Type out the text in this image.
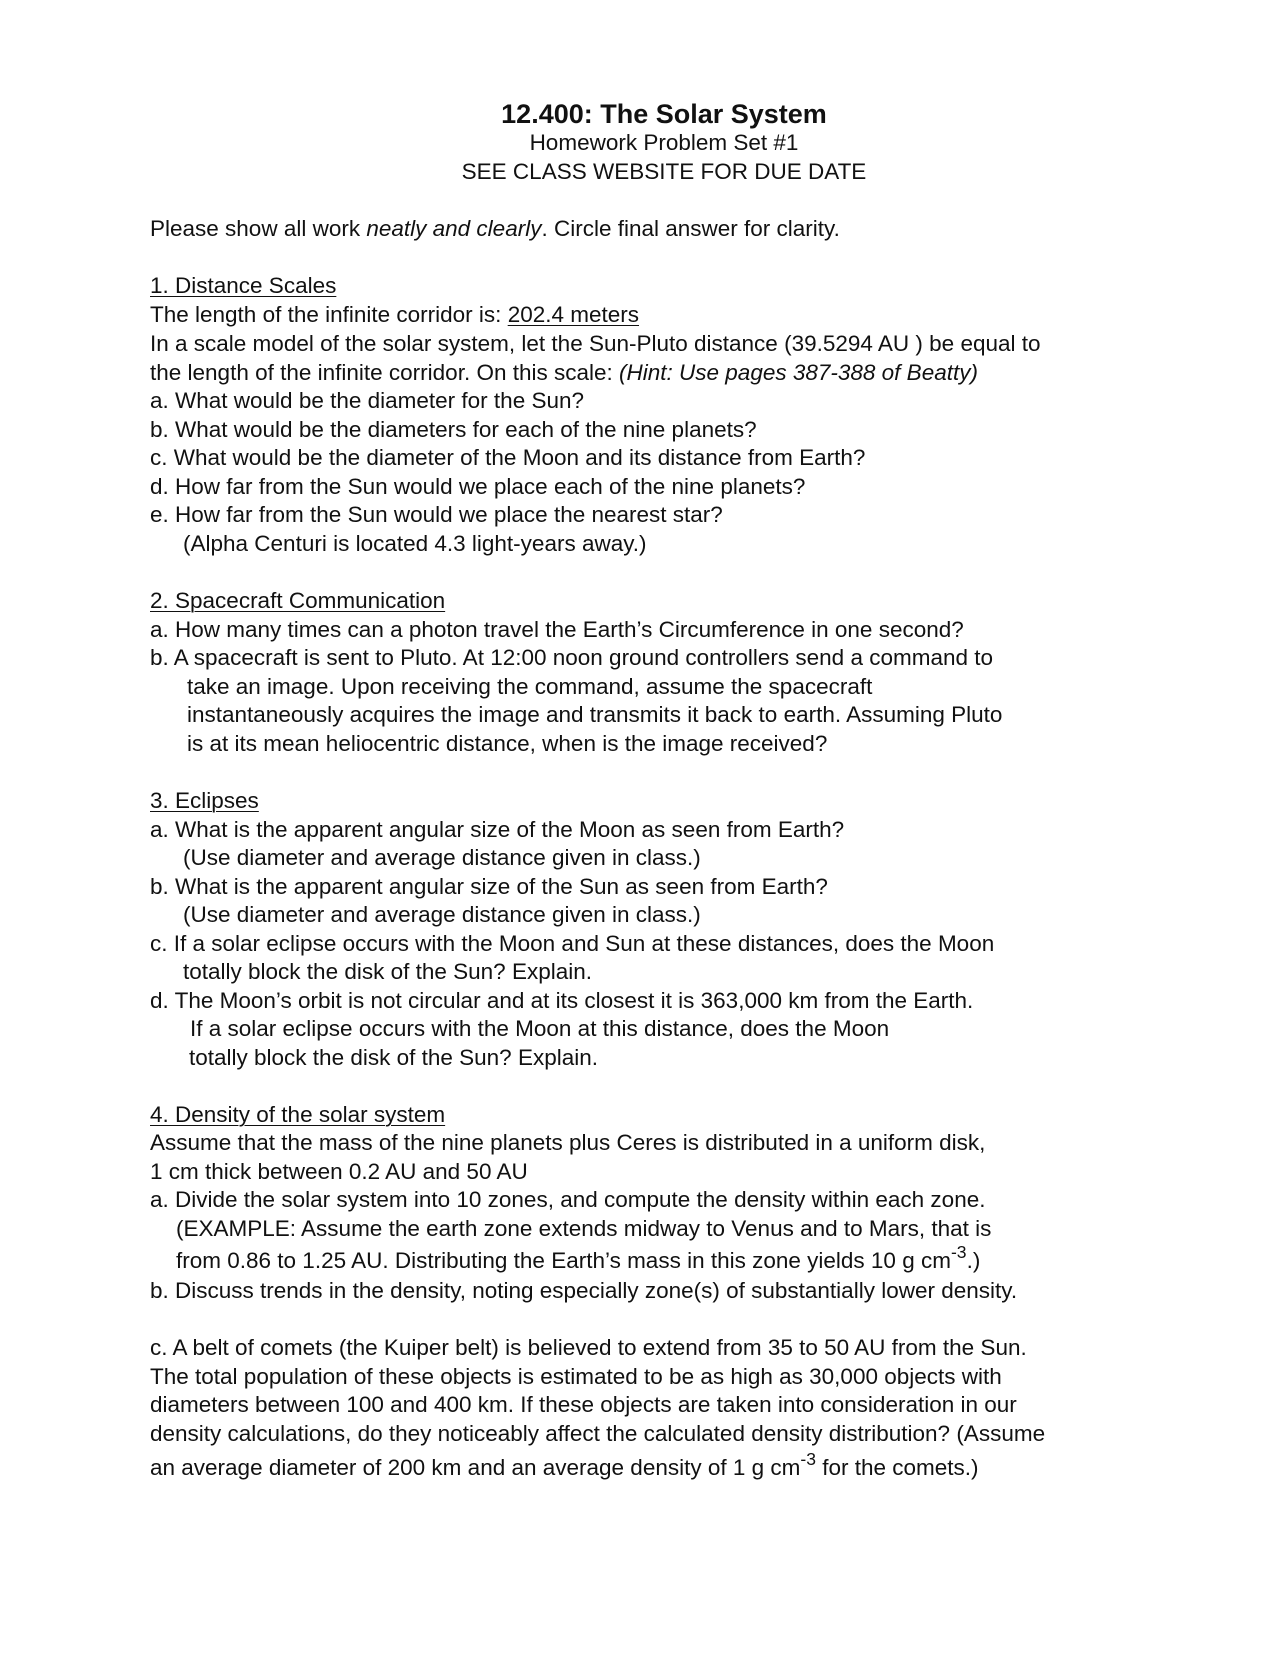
12.400: The Solar System
Homework Problem Set #1
SEE CLASS WEBSITE FOR DUE DATE
Please show all work neatly and clearly. Circle final answer for clarity.
1. Distance Scales
The length of the infinite corridor is: 202.4 meters
In a scale model of the solar system, let the Sun-Pluto distance (39.5294 AU ) be equal to
the length of the infinite corridor. On this scale: (Hint: Use pages 387-388 of Beatty)
a. What would be the diameter for the Sun?
b. What would be the diameters for each of the nine planets?
c. What would be the diameter of the Moon and its distance from Earth?
d. How far from the Sun would we place each of the nine planets?
e. How far from the Sun would we place the nearest star?
(Alpha Centuri is located 4.3 light-years away.)
2. Spacecraft Communication
a. How many times can a photon travel the Earth’s Circumference in one second?
b. A spacecraft is sent to Pluto. At 12:00 noon ground controllers send a command to
take an image. Upon receiving the command, assume the spacecraft
instantaneously acquires the image and transmits it back to earth. Assuming Pluto
is at its mean heliocentric distance, when is the image received?
3. Eclipses
a. What is the apparent angular size of the Moon as seen from Earth?
(Use diameter and average distance given in class.)
b. What is the apparent angular size of the Sun as seen from Earth?
(Use diameter and average distance given in class.)
c. If a solar eclipse occurs with the Moon and Sun at these distances, does the Moon
totally block the disk of the Sun? Explain.
d. The Moon’s orbit is not circular and at its closest it is 363,000 km from the Earth.
If a solar eclipse occurs with the Moon at this distance, does the Moon
totally block the disk of the Sun? Explain.
4. Density of the solar system
Assume that the mass of the nine planets plus Ceres is distributed in a uniform disk,
1 cm thick between 0.2 AU and 50 AU
a. Divide the solar system into 10 zones, and compute the density within each zone.
(EXAMPLE: Assume the earth zone extends midway to Venus and to Mars, that is
from 0.86 to 1.25 AU. Distributing the Earth’s mass in this zone yields 10 g $cm^{-3}$.)
b. Discuss trends in the density, noting especially zone(s) of substantially lower density.
c. A belt of comets (the Kuiper belt) is believed to extend from 35 to 50 AU from the Sun.
The total population of these objects is estimated to be as high as 30,000 objects with
diameters between 100 and 400 km. If these objects are taken into consideration in our
density calculations, do they noticeably affect the calculated density distribution? (Assume
an average diameter of 200 km and an average density of 1 g $cm^{-3}$ for the comets.)
